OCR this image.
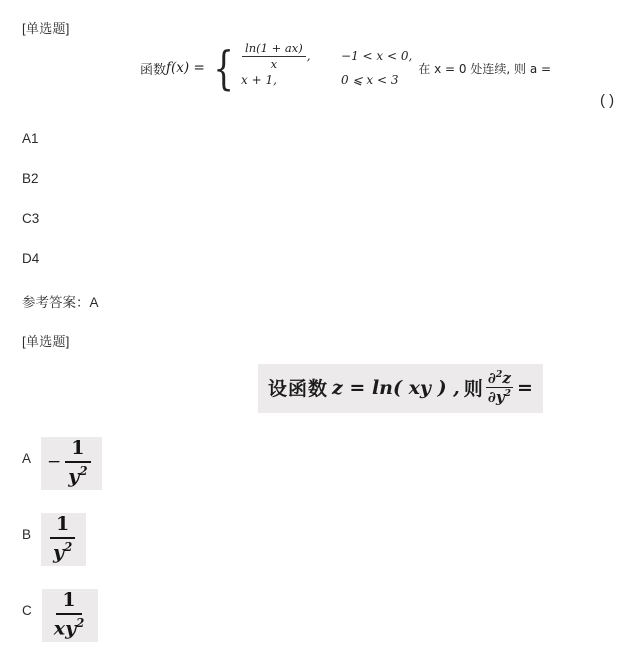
[单选题]
函数 f(x) = { $\frac{\ln(1 + ax)}{x}$ ,	−1 < x < 0,
x + 1,	0 ⩽ x < 3
在 x = 0 处连续, 则 a =
( )
A1
B2
C3
D4
参考答案：A
[单选题]
设函数 z = ln( xy ) , 则 $\frac{\partial^2z}{\partial y^2}$ =
$A - \frac{1}{y^2}$
B $\frac{1}{y^2}$
C $\frac{1}{xy^2}$
